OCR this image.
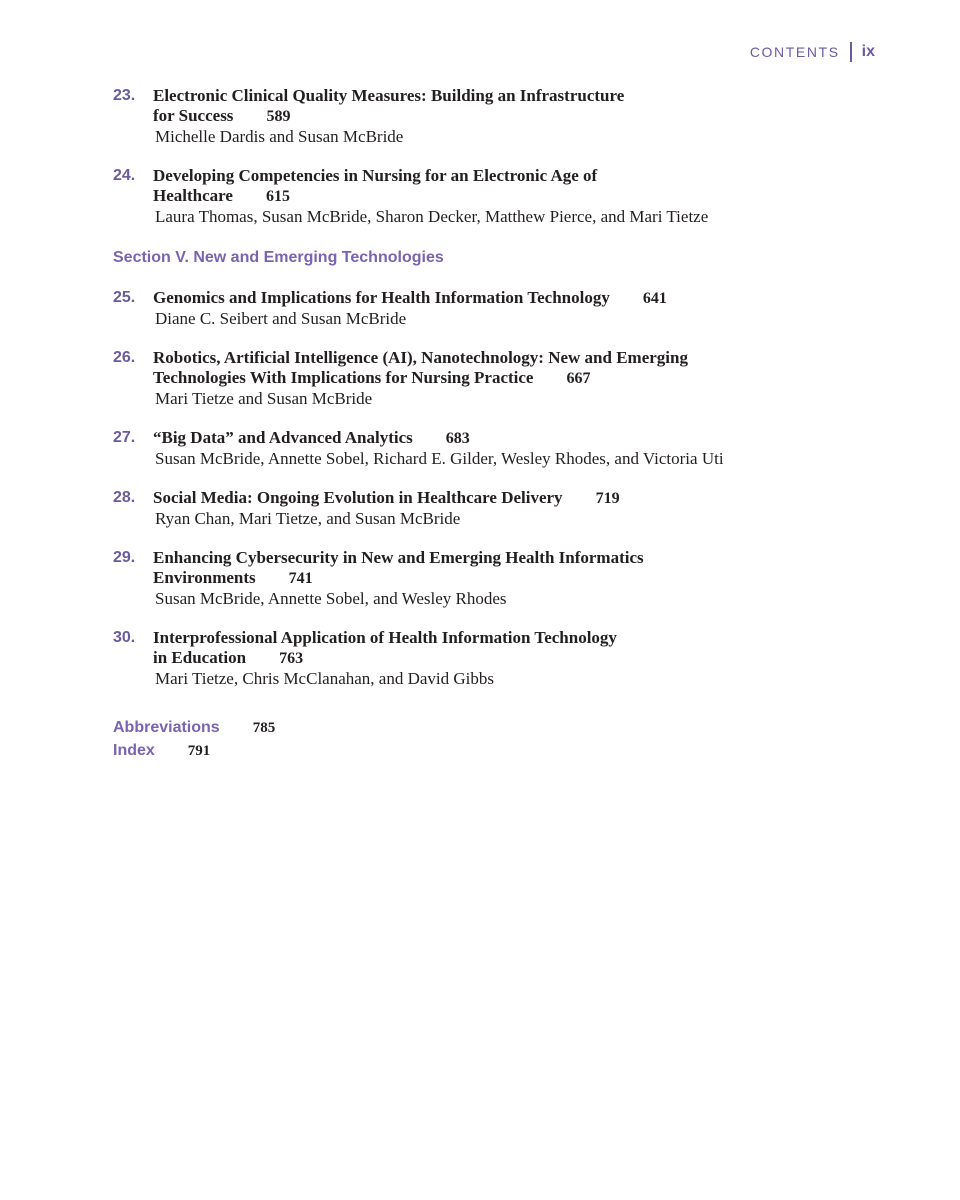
CONTENTS ix
23. Electronic Clinical Quality Measures: Building an Infrastructure
for Success 589
Michelle Dardis and Susan McBride
24. Developing Competencies in Nursing for an Electronic Age of
Healthcare 615
Laura Thomas, Susan McBride, Sharon Decker, Matthew Pierce, and Mari Tietze
Section V. New and Emerging Technologies
25. Genomics and Implications for Health Information Technology 641
Diane C. Seibert and Susan McBride
26. Robotics, Artificial Intelligence (AI), Nanotechnology: New and Emerging
Technologies With Implications for Nursing Practice 667
Mari Tietze and Susan McBride
27. “Big Data” and Advanced Analytics 683
Susan McBride, Annette Sobel, Richard E. Gilder, Wesley Rhodes, and Victoria Uti
28. Social Media: Ongoing Evolution in Healthcare Delivery 719
Ryan Chan, Mari Tietze, and Susan McBride
29. Enhancing Cybersecurity in New and Emerging Health Informatics
Environments 741
Susan McBride, Annette Sobel, and Wesley Rhodes
30. Interprofessional Application of Health Information Technology
in Education 763
Mari Tietze, Chris McClanahan, and David Gibbs
Abbreviations 785
Index 791
